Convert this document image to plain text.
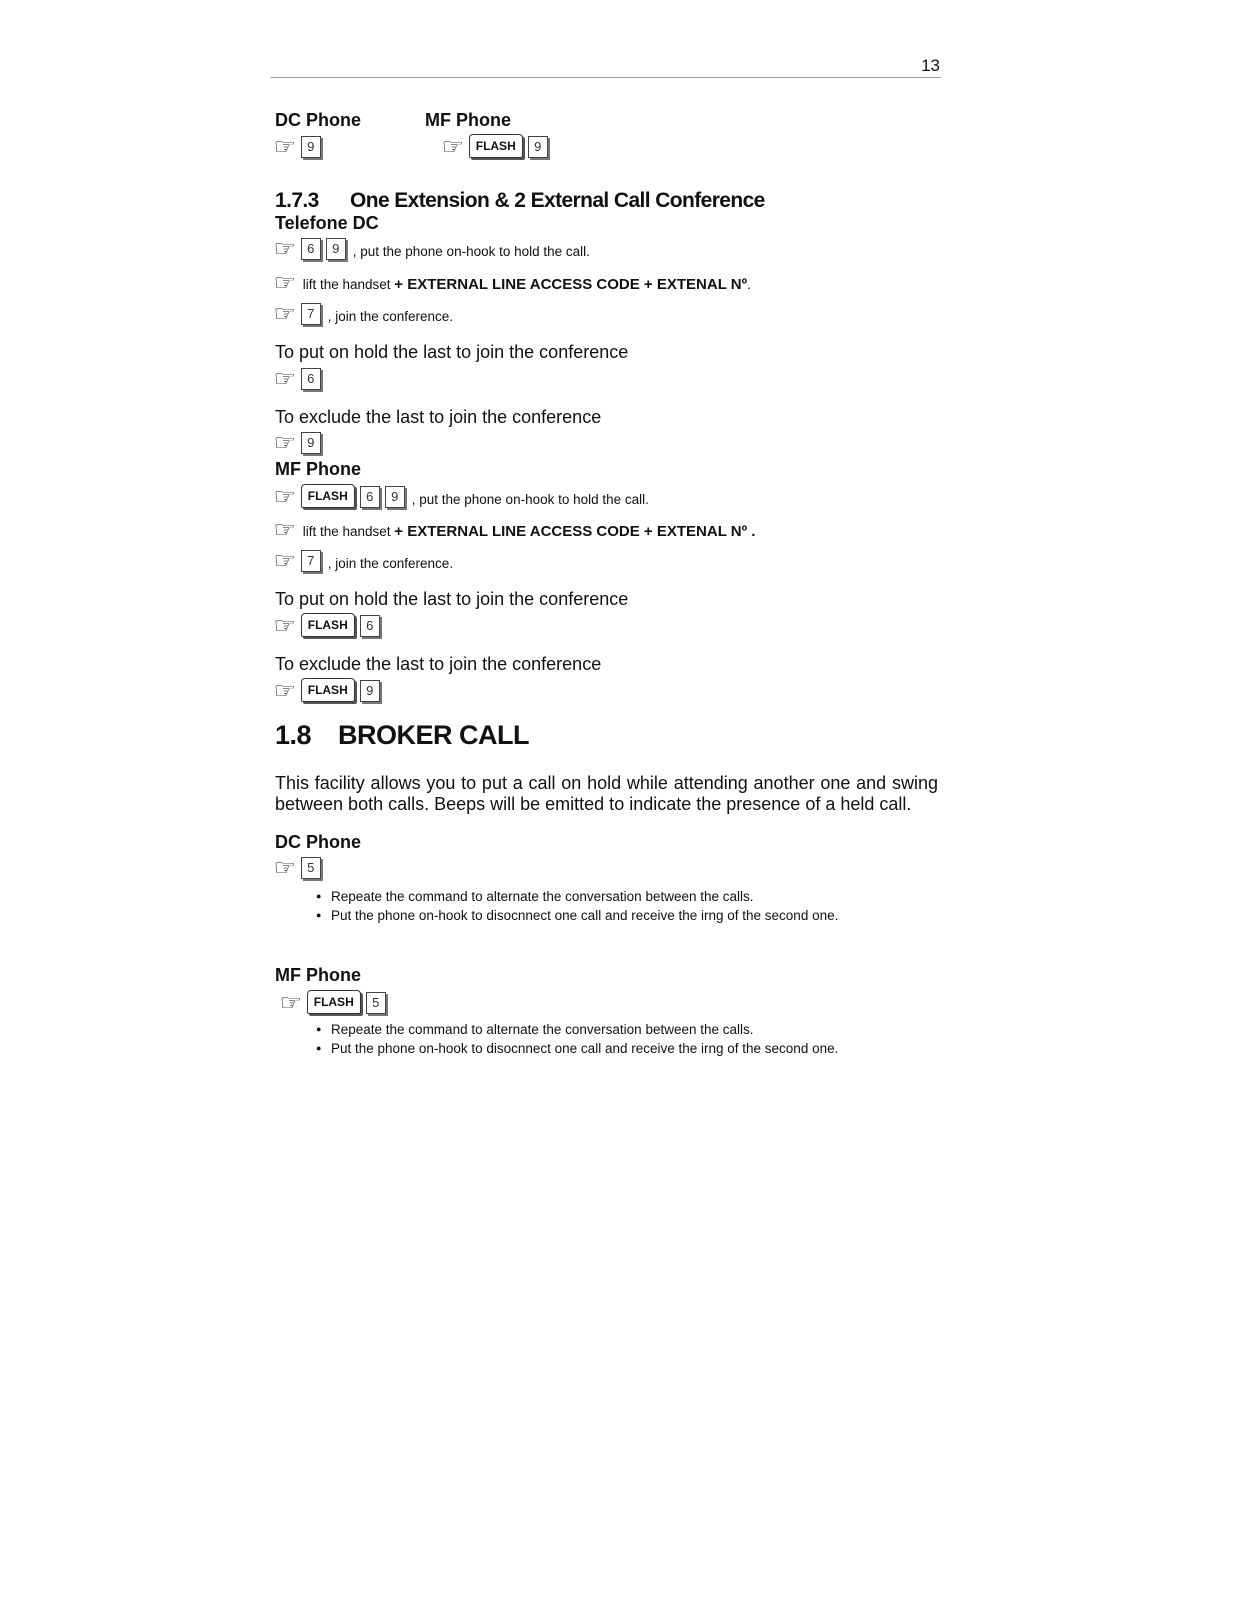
13
DC Phone	MF Phone
☞ 9	☞ FLASH	9
1.7.3 One Extension & 2 External Call Conference
Telefone DC
☞ 6	9 , put the phone on-hook to hold the call.
☞ lift the handset + EXTERNAL LINE ACCESS CODE + EXTENAL Nº.
☞ 7 , join the conference.
To put on hold the last to join the conference
☞ 6
To exclude the last to join the conference
☞ 9
MF Phone
☞ FLASH	6	9 , put the phone on-hook to hold the call.
☞ lift the handset + EXTERNAL LINE ACCESS CODE + EXTENAL Nº .
☞ 7 , join the conference.
To put on hold the last to join the conference
☞ FLASH	6
To exclude the last to join the conference
☞ FLASH	9
1.8 BROKER CALL
This facility allows you to put a call on hold while attending another one and swing between both calls. Beeps will be emitted to indicate the presence of a held call.
DC Phone
☞ 5
● Repeate the command to alternate the conversation between the calls.
● Put the phone on-hook to disocnnect one call and receive the irng of the second one.
MF Phone
☞ FLASH	5
● Repeate the command to alternate the conversation between the calls.
● Put the phone on-hook to disocnnect one call and receive the irng of the second one.
